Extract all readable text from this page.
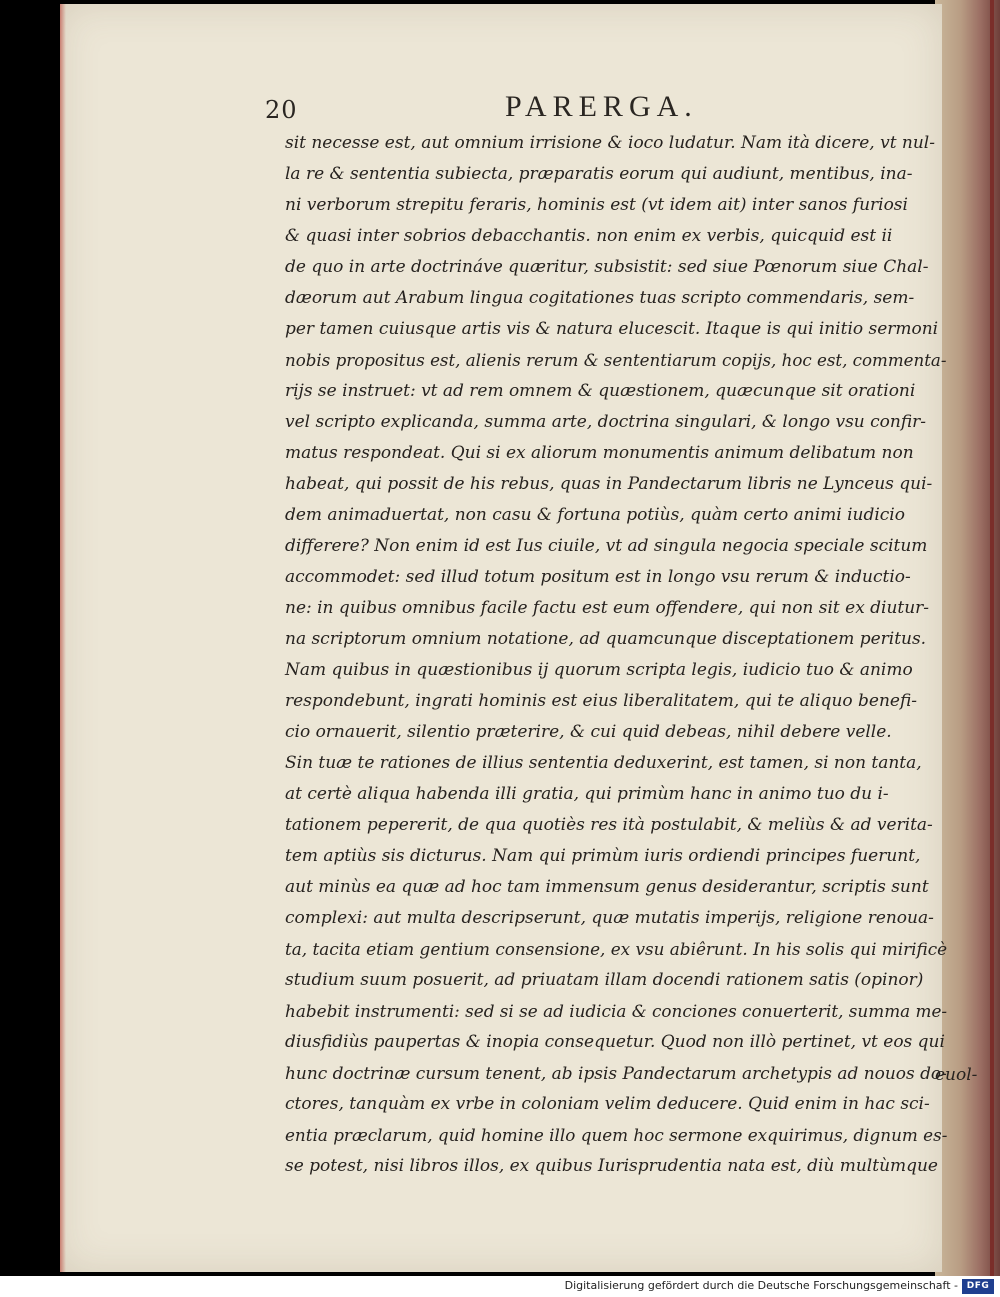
20	PARERGA.
sit necesse est, aut omnium irrisione & ioco ludatur. Nam ità dicere, vt nul-
la re & sententia subiecta, præparatis eorum qui audiunt, mentibus, ina-
ni verborum strepitu feraris, hominis est (vt idem ait) inter sanos furiosi
& quasi inter sobrios debacchantis. non enim ex verbis, quicquid est ii
de quo in arte doctrináve quæritur, subsistit: sed siue Pœnorum siue Chal-
dæorum aut Arabum lingua cogitationes tuas scripto commendaris, sem-
per tamen cuiusque artis vis & natura elucescit. Itaque is qui initio sermoni
nobis propositus est, alienis rerum & sententiarum copijs, hoc est, commenta-
rijs se instruet: vt ad rem omnem & quæstionem, quæcunque sit orationi
vel scripto explicanda, summa arte, doctrina singulari, & longo vsu confir-
matus respondeat. Qui si ex aliorum monumentis animum delibatum non
habeat, qui possit de his rebus, quas in Pandectarum libris ne Lynceus qui-
dem animaduertat, non casu & fortuna potiùs, quàm certo animi iudicio
differere? Non enim id est Ius ciuile, vt ad singula negocia speciale scitum
accommodet: sed illud totum positum est in longo vsu rerum & inductio-
ne: in quibus omnibus facile factu est eum offendere, qui non sit ex diutur-
na scriptorum omnium notatione, ad quamcunque disceptationem peritus.
Nam quibus in quæstionibus ij quorum scripta legis, iudicio tuo & animo
respondebunt, ingrati hominis est eius liberalitatem, qui te aliquo benefi-
cio ornauerit, silentio præterire, & cui quid debeas, nihil debere velle.
Sin tuæ te rationes de illius sententia deduxerint, est tamen, si non tanta,
at certè aliqua habenda illi gratia, qui primùm hanc in animo tuo du i-
tationem pepererit, de qua quotiès res ità postulabit, & meliùs & ad verita-
tem aptiùs sis dicturus. Nam qui primùm iuris ordiendi principes fuerunt,
aut minùs ea quæ ad hoc tam immensum genus desiderantur, scriptis sunt
complexi: aut multa descripserunt, quæ mutatis imperijs, religione renoua-
ta, tacita etiam gentium consensione, ex vsu abiêrunt. In his solis qui mirificè
studium suum posuerit, ad priuatam illam docendi rationem satis (opinor)
habebit instrumenti: sed si se ad iudicia & conciones conuerterit, summa me-
diusfidiùs paupertas & inopia consequetur. Quod non illò pertinet, vt eos qui
hunc doctrinæ cursum tenent, ab ipsis Pandectarum archetypis ad nouos do-
ctores, tanquàm ex vrbe in coloniam velim deducere. Quid enim in hac sci-
entia præclarum, quid homine illo quem hoc sermone exquirimus, dignum es-
se potest, nisi libros illos, ex quibus Iurisprudentia nata est, diù multùmque
euol-
Digitalisierung gefördert durch die Deutsche Forschungsgemeinschaft - DFG
